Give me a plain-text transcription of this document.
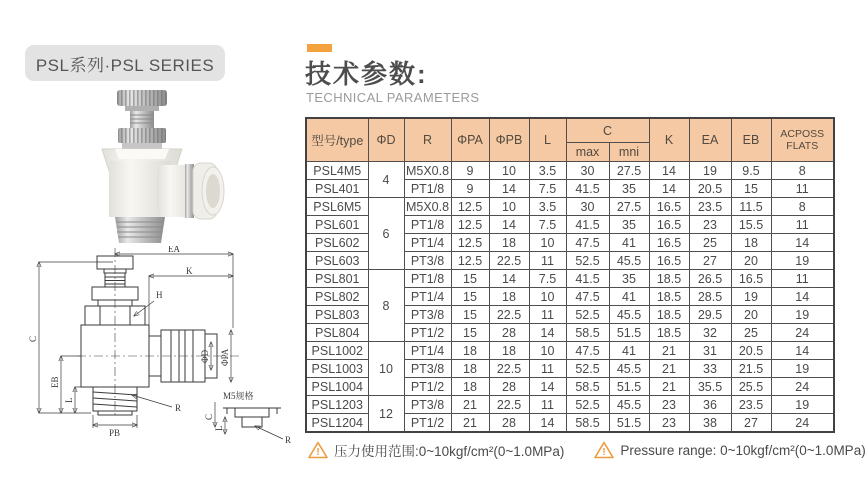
PSL系列·PSL SERIES
EA
K
H
C
EB
L
PB
R
ΦD ΦPA
M5规格
C
L
R
技术参数:
TECHNICAL PARAMETERS
型号/type	ΦD	R	ΦPA	ΦPB	L	C		K	EA	EB	ACPOSS FLATS
						max	mni				
PSL4M5	4	M5X0.8	9	10	3.5	30	27.5	14	19	9.5	8
PSL401		PT1/8	9	14	7.5	41.5	35	14	20.5	15	11
PSL6M5	6	M5X0.8	12.5	10	3.5	30	27.5	16.5	23.5	11.5	8
PSL601		PT1/8	12.5	14	7.5	41.5	35	16.5	23	15.5	11
PSL602		PT1/4	12.5	18	10	47.5	41	16.5	25	18	14
PSL603		PT3/8	12.5	22.5	11	52.5	45.5	16.5	27	20	19
PSL801	8	PT1/8	15	14	7.5	41.5	35	18.5	26.5	16.5	11
PSL802		PT1/4	15	18	10	47.5	41	18.5	28.5	19	14
PSL803		PT3/8	15	22.5	11	52.5	45.5	18.5	29.5	20	19
PSL804		PT1/2	15	28	14	58.5	51.5	18.5	32	25	24
PSL1002	10	PT1/4	18	18	10	47.5	41	21	31	20.5	14
PSL1003		PT3/8	18	22.5	11	52.5	45.5	21	33	21.5	19
PSL1004		PT1/2	18	28	14	58.5	51.5	21	35.5	25.5	24
PSL1203	12	PT3/8	21	22.5	11	52.5	45.5	23	36	23.5	19
PSL1204		PT1/2	21	28	14	58.5	51.5	23	38	27	24
! 压力使用范围:0~10kgf/cm²(0~1.0MPa)	! Pressure range: 0~10kgf/cm²(0~1.0MPa)
